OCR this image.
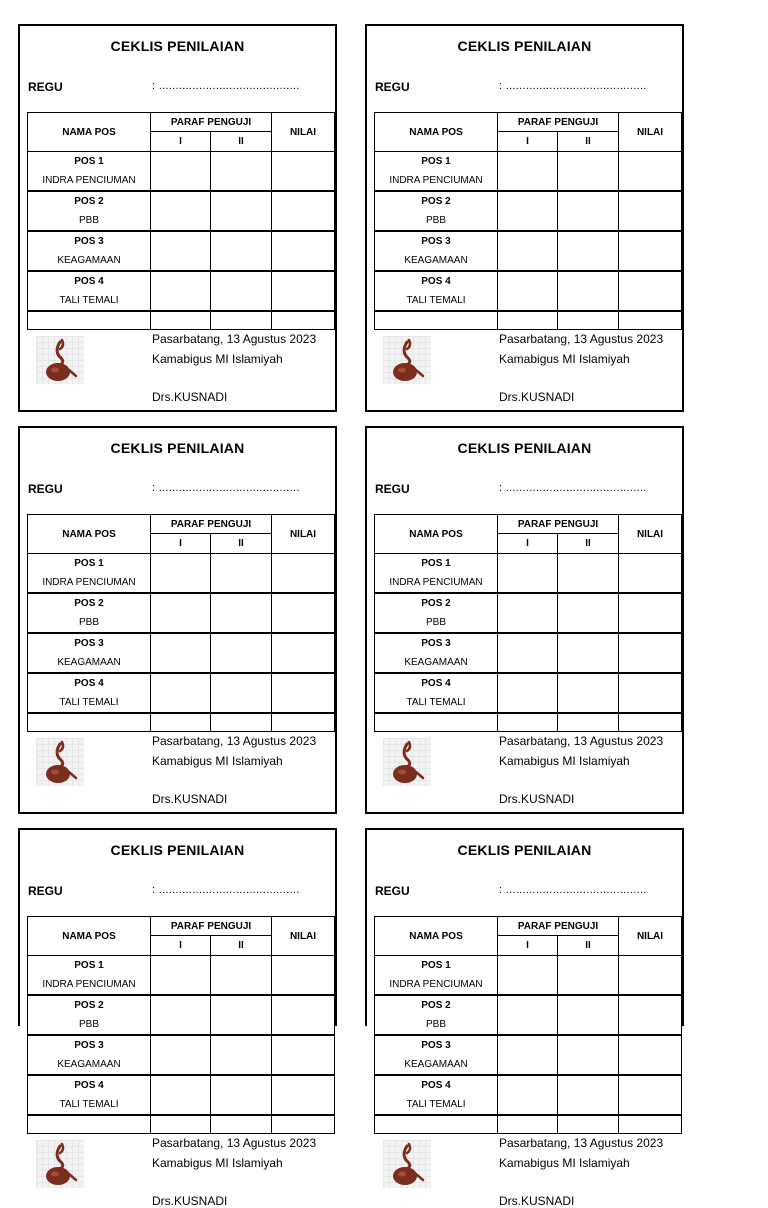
CEKLIS PENILAIAN
REGU	: ..........................................
NAMA POS	PARAF PENGUJI		NILAI
	I	II	
POS 1			
INDRA PENCIUMAN			
POS 2			
PBB			
POS 3			
KEAGAMAAN			
POS 4			
TALI TEMALI			

Pasarbatang, 13 Agustus 2023
Kamabigus MI Islamiyah
Drs.KUSNADI
CEKLIS PENILAIAN
REGU	: ..........................................
NAMA POS	PARAF PENGUJI		NILAI
	I	II	
POS 1			
INDRA PENCIUMAN			
POS 2			
PBB			
POS 3			
KEAGAMAAN			
POS 4			
TALI TEMALI			

Pasarbatang, 13 Agustus 2023
Kamabigus MI Islamiyah
Drs.KUSNADI
CEKLIS PENILAIAN
REGU	: ..........................................
NAMA POS	PARAF PENGUJI		NILAI
	I	II	
POS 1			
INDRA PENCIUMAN			
POS 2			
PBB			
POS 3			
KEAGAMAAN			
POS 4			
TALI TEMALI			

Pasarbatang, 13 Agustus 2023
Kamabigus MI Islamiyah
Drs.KUSNADI
CEKLIS PENILAIAN
REGU	: ..........................................
NAMA POS	PARAF PENGUJI		NILAI
	I	II	
POS 1			
INDRA PENCIUMAN			
POS 2			
PBB			
POS 3			
KEAGAMAAN			
POS 4			
TALI TEMALI			

Pasarbatang, 13 Agustus 2023
Kamabigus MI Islamiyah
Drs.KUSNADI
CEKLIS PENILAIAN
REGU	: ..........................................
NAMA POS	PARAF PENGUJI		NILAI
	I	II	
POS 1			
INDRA PENCIUMAN			
POS 2			
PBB			
POS 3			
KEAGAMAAN			
POS 4			
TALI TEMALI			

Pasarbatang, 13 Agustus 2023
Kamabigus MI Islamiyah
Drs.KUSNADI
CEKLIS PENILAIAN
REGU	: ..........................................
NAMA POS	PARAF PENGUJI		NILAI
	I	II	
POS 1			
INDRA PENCIUMAN			
POS 2			
PBB			
POS 3			
KEAGAMAAN			
POS 4			
TALI TEMALI			

Pasarbatang, 13 Agustus 2023
Kamabigus MI Islamiyah
Drs.KUSNADI
